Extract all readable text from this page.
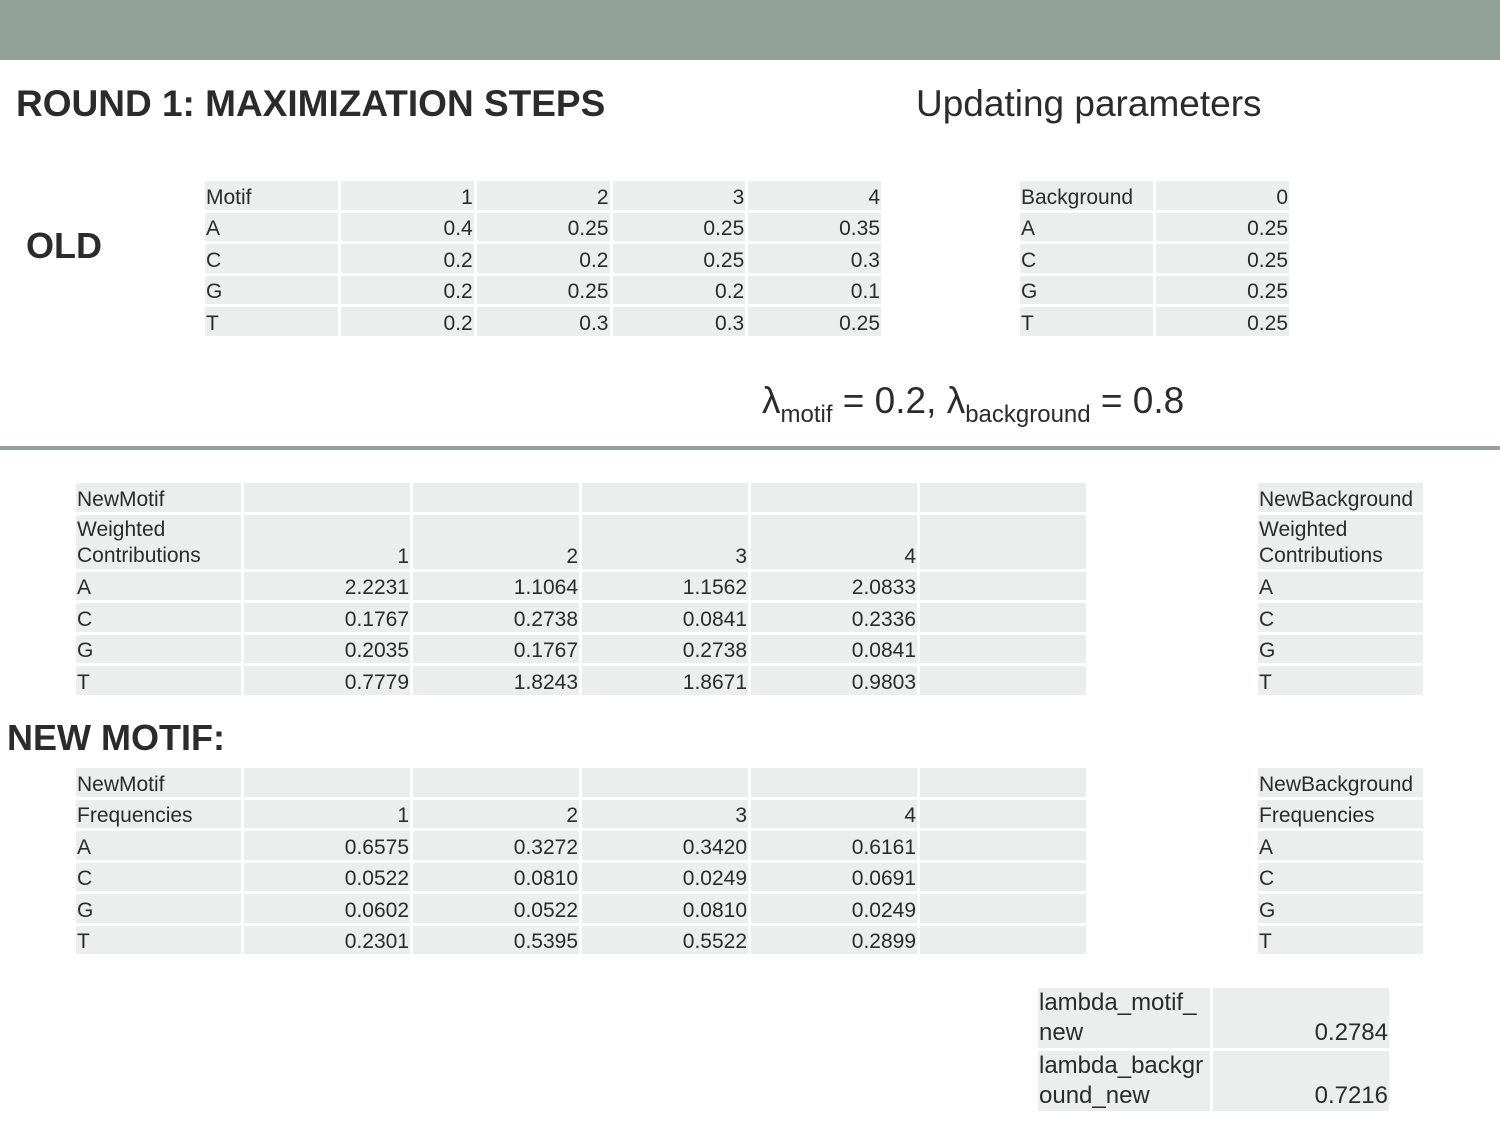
ROUND 1: MAXIMIZATION STEPS	Updating parameters
OLD
Motif	1	2	3	4
A	0.4	0.25	0.25	0.35
C	0.2	0.2	0.25	0.3
G	0.2	0.25	0.2	0.1
T	0.2	0.3	0.3	0.25
Background	0
A	0.25
C	0.25
G	0.25
T	0.25
$\lambda_{motif} = 0.2$, $\lambda_{background} = 0.8$
NewMotif							NewBackground	
Weighted Contributions	1	2	3	4			Weighted Contributions	
A	2.2231	1.1064	1.1562	2.0833			A	
C	0.1767	0.2738	0.0841	0.2336			C	
G	0.2035	0.1767	0.2738	0.0841			G	
T	0.7779	1.8243	1.8671	0.9803			T	
NEW MOTIF:
NewMotif							NewBackground	
Frequencies	1	2	3	4			Frequencies	
A	0.6575	0.3272	0.3420	0.6161			A	
C	0.0522	0.0810	0.0249	0.0691			C	
G	0.0602	0.0522	0.0810	0.0249			G	
T	0.2301	0.5395	0.5522	0.2899			T	
lambda_motif_ new	0.2784
lambda_backgr ound_new	0.7216
